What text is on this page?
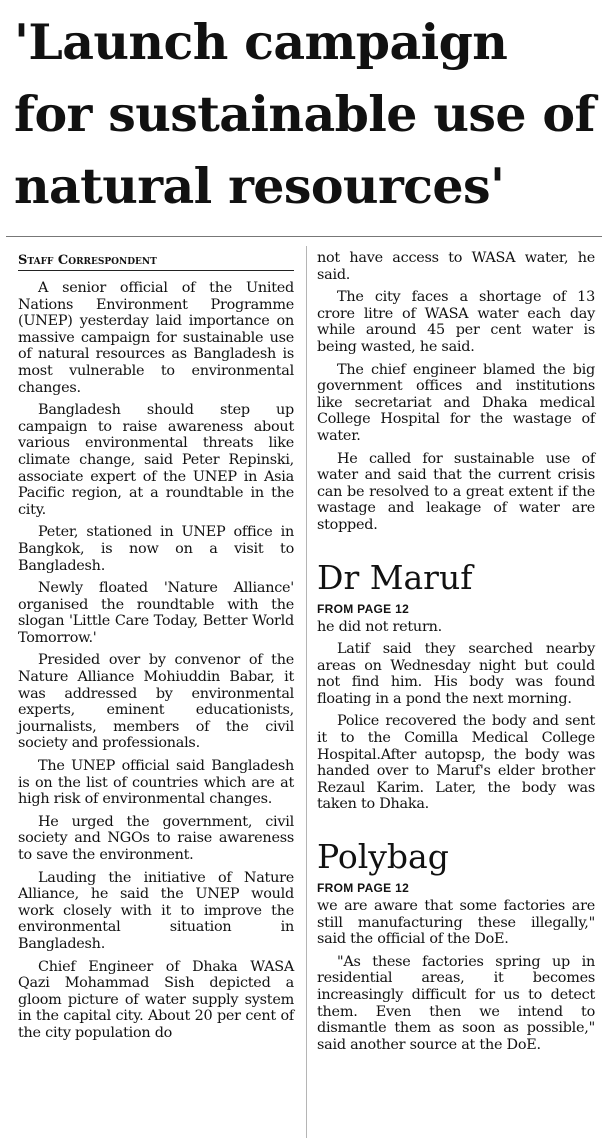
'Launch campaign for sustainable use of natural resources'
Staff Correspondent

A senior official of the United Nations Environment Programme (UNEP) yesterday laid importance on massive campaign for sustainable use of natural resources as Bangladesh is most vulnerable to environmental changes.

Bangladesh should step up campaign to raise awareness about various environmental threats like climate change, said Peter Repinski, associate expert of the UNEP in Asia Pacific region, at a roundtable in the city.

Peter, stationed in UNEP office in Bangkok, is now on a visit to Bangladesh.

Newly floated 'Nature Alliance' organised the roundtable with the slogan 'Little Care Today, Better World Tomorrow.'

Presided over by convenor of the Nature Alliance Mohiuddin Babar, it was addressed by environmental experts, eminent educationists, journalists, members of the civil society and professionals.

The UNEP official said Bangladesh is on the list of countries which are at high risk of environmental changes.

He urged the government, civil society and NGOs to raise awareness to save the environment.

Lauding the initiative of Nature Alliance, he said the UNEP would work closely with it to improve the environmental situation in Bangladesh.

Chief Engineer of Dhaka WASA Qazi Mohammad Sish depicted a gloom picture of water supply system in the capital city. About 20 per cent of the city population do

not have access to WASA water, he said.

The city faces a shortage of 13 crore litre of WASA water each day while around 45 per cent water is being wasted, he said.

The chief engineer blamed the big government offices and institutions like secretariat and Dhaka medical College Hospital for the wastage of water.

He called for sustainable use of water and said that the current crisis can be resolved to a great extent if the wastage and leakage of water are stopped.

Dr Maruf
FROM PAGE 12

he did not return.

Latif said they searched nearby areas on Wednesday night but could not find him. His body was found floating in a pond the next morning.

Police recovered the body and sent it to the Comilla Medical College Hospital.After autopsp, the body was handed over to Maruf's elder brother Rezaul Karim. Later, the body was taken to Dhaka.

Polybag
FROM PAGE 12

we are aware that some factories are still manufacturing these illegally," said the official of the DoE.

"As these factories spring up in residential areas, it becomes increasingly difficult for us to detect them. Even then we intend to dismantle them as soon as possible," said another source at the DoE.
